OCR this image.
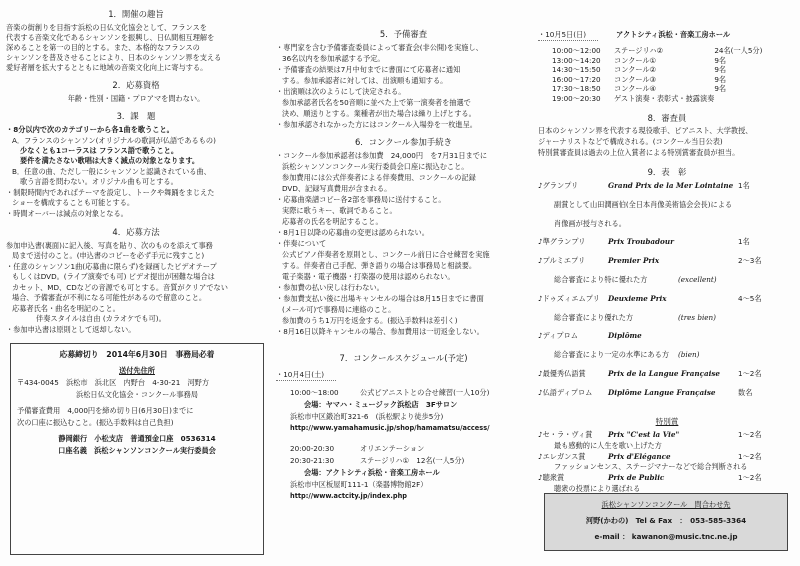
1．開催の趣旨
音楽の街創りを目指す浜松の日仏文化協会として、フランスを
代表する音楽文化であるシャンソンを振興し、日仏間相互理解を
深めることを第一の目的とする。また、本格的なフランスの
シャンソンを普及させることにより、日本のシャンソン界を支える
愛好者層を拡大するとともに地域の音楽文化向上に寄与する。
2．応募資格
年齢・性別・国籍・プロアマを問わない。
3．課　題
・8分以内で次のカテゴリーから各1曲を歌うこと。
A．フランスのシャンソン(オリジナルの歌詞が仏語であるもの)
少なくとも1コーラスは フランス語で歌うこと。
要件を満たさない歌唱は大きく減点の対象となります。
B．任意の曲、ただし一般にシャンソンと認識されている曲、
歌う言語を問わない。オリジナル曲も可とする。
・制限時間内であればテーマを設定し、トークや舞踊をまじえた
ショーを構成することも可能とする。
・時間オーバーは減点の対象となる。
4．応募方法
参加申込書(裏面)に記入後、写真を貼り、次のものを添えて事務
局まで送付のこと。(申込書のコピーを必ず手元に残すこと)
・任意のシャンソン1曲(応募曲に限らず)を録画したビデオテープ
もしくはDVD。(ライブ演奏でも可) ビデオ提出が困難な場合は
カセット、MD、CDなどの音源でも可とする。音質がクリアでない
場合、予備審査が不利になる可能性があるので留意のこと。
応募者氏名・曲名を明記のこと。
伴奏スタイルは自由 (カラオケでも可)。
・参加申込書は原則として返却しない。
応募締切り　2014年6月30日　事務局必着
送付先住所
〒434-0045　浜松市　浜北区　内野台　4-30-21　河野方
浜松日仏文化協会・コンクール事務局
予備審査費用　4,000円を締め切り日(6月30日)までに
次の口座に振込むこと。(振込手数料は自己負担)
静岡銀行　小松支店　普通預金口座　0536314
口座名義　浜松シャンソンコンクール実行委員会
5．予備審査
・専門家を含む予備審査委員によって審査会(非公開)を実施し、
36名以内を参加承認する予定。
・予備審査の結果は7月中旬までに書面にて応募者に通知
する。参加承認者に対しては、出演順も通知する。
・出演順は次のようにして決定される。
参加承認者氏名を50音順に並べた上で第一演奏者を抽選で
決め、順送りとする。業種者が出た場合は繰り上げとする。
・参加承認されなかった方にはコンクール入場券を一枚進呈。
6．コンクール参加手続き
・コンクール参加承認者は参加費　24,000円　を7月31日までに
浜松シャンソンコンクール実行委員会口座に振込むこと。
参加費用には公式伴奏者による伴奏費用、コンクールの記録
DVD、記録写真費用が含まれる。
・応募曲楽譜コピー各2部を事務局に送付すること。
実際に歌うキー、歌詞であること。
応募者の氏名を明記すること。
・8月1日以降の応募曲の変更は認められない。
・伴奏について
公式ピアノ伴奏者を原則とし、コンクール前日に合せ練習を実施
する。伴奏者自己手配、弾き語りの場合は事務局と相談要。
電子楽器・電子機器・打楽器の使用は認められない。
・参加費の払い戻しは行わない。
・参加費支払い後に出場キャンセルの場合は8月15日までに書面
(メール可)で事務局に連絡のこと。
参加費のうち1万円を返金する。(振込手数料は差引く)
・8月16日以降キャンセルの場合、参加費用は一切返金しない。
7．コンクールスケジュール(予定)
・10月4日(土)
10:00～18:00	公式ピアニストとの合せ練習(一人10分)
会場：ヤマハ・ミュージック浜松店　3Fサロン
浜松市中区鍛冶町321-6　(浜松駅より徒歩5分)
http://www.yamahamusic.jp/shop/hamamatsu/access/
20:00-20:30	オリエンテーション
20:30-21:30	ステージリハ①　12名(一人5分)
会場：アクトシティ浜松・音楽工房ホール
浜松市中区板屋町111-1（楽器博物館2F）
http://www.actcity.jp/index.php
・10月5日(日)	アクトシティ浜松・音楽工房ホール
10:00～12:00	ステージリハ②	24名(一人5分)
13:00～14:20	コンクール①	9名
14:30～15:50	コンクール②	9名
16:00～17:20	コンクール③	9名
17:30～18:50	コンクール④	9名
19:00～20:30	ゲスト演奏・表彰式・披露演奏	
8．審査員
日本のシャンソン界を代表する現役歌手、ピアニスト、大学教授、
ジャーナリストなどで構成される。(コンクール当日公表)
特別賞審査員は過去の上位入賞者による特別賞審査員が担当。
9．表　彰
♪グランプリ	Grand Prix de la Mer Lointaine 1名
副賞として山田潤画伯(全日本肖像美術協会会長)による
肖像画が授与される。
♪準グランプリ	Prix Troubadour	1名
♪プルミエプリ	Premier Prix	2～3名
総合審査により特に優れた方	(excellent)
♪ドゥズィエムプリ Deuxieme Prix	4～5名
総合審査により優れた方	(tres bien)
♪ディプロム	Diplôme
総合審査により一定の水準にある方 (bien)
♪最優秀仏語賞	Prix de la Langue Française	1～2名
♪仏語ディプロム Diplôme Langue Française	数名
特別賞
♪セ・ラ・ヴィ賞 Prix "C'est la Vie"	1～2名
最も感動的に人生を歌い上げた方
♪エレガンス賞	Prix d'Elégance	1～2名
ファッションセンス、ステージマナーなどで総合判断される
♪聴衆賞	Prix de Public	1～2名
聴衆の投票により選ばれる
浜松シャンソンコンクール　問合わせ先
河野(かわの)　Tel & Fax　：　053-585-3364
e-mail ： kawanon@music.tnc.ne.jp
